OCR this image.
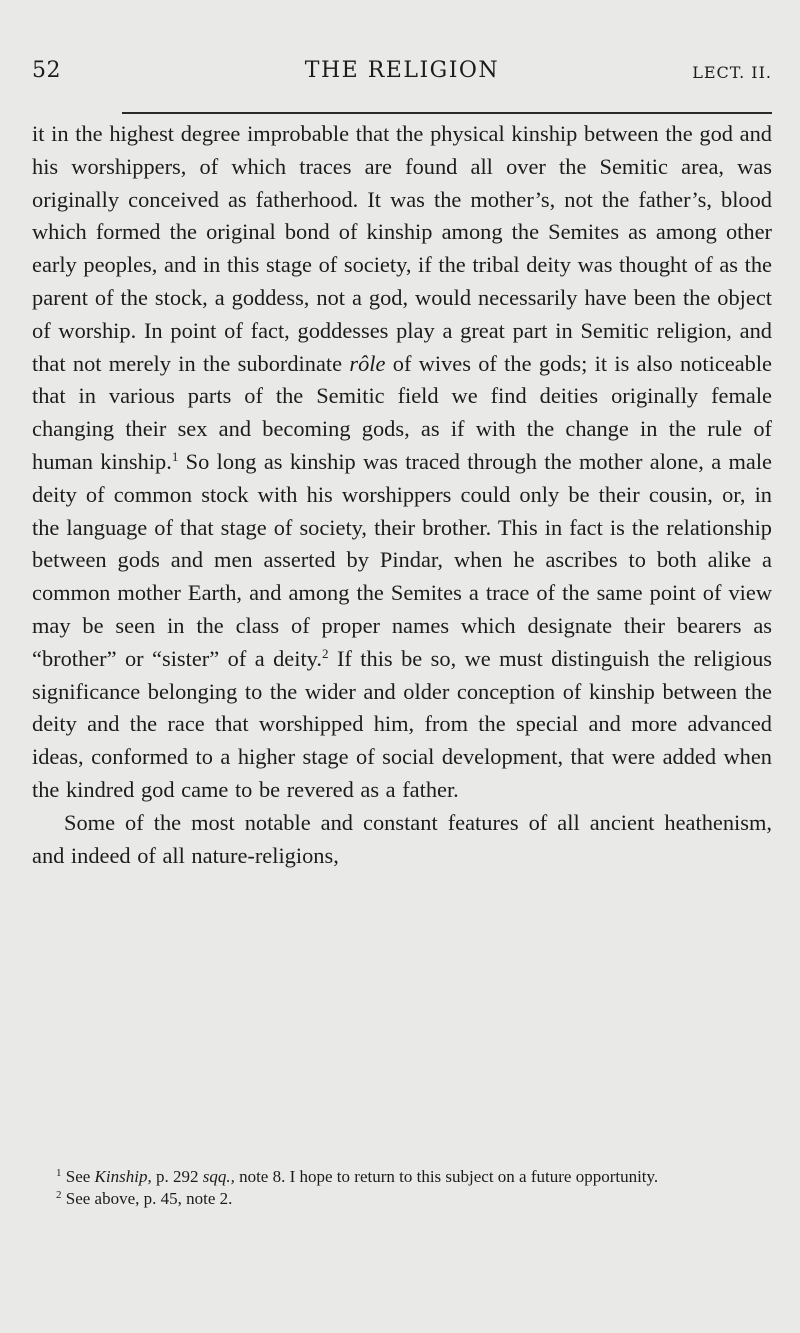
52	THE RELIGION	LECT. II.

it in the highest degree improbable that the physical kinship between the god and his worshippers, of which traces are found all over the Semitic area, was originally conceived as fatherhood. It was the mother’s, not the father’s, blood which formed the original bond of kinship among the Semites as among other early peoples, and in this stage of society, if the tribal deity was thought of as the parent of the stock, a goddess, not a god, would necessarily have been the object of worship. In point of fact, goddesses play a great part in Semitic religion, and that not merely in the subordinate rôle of wives of the gods; it is also noticeable that in various parts of the Semitic field we find deities originally female changing their sex and becoming gods, as if with the change in the rule of human kinship.$^1$ So long as kinship was traced through the mother alone, a male deity of common stock with his worshippers could only be their cousin, or, in the language of that stage of society, their brother. This in fact is the relationship between gods and men asserted by Pindar, when he ascribes to both alike a common mother Earth, and among the Semites a trace of the same point of view may be seen in the class of proper names which designate their bearers as “brother” or “sister” of a deity.$^2$ If this be so, we must distinguish the religious significance belonging to the wider and older conception of kinship between the deity and the race that worshipped him, from the special and more advanced ideas, conformed to a higher stage of social development, that were added when the kindred god came to be revered as a father.

Some of the most notable and constant features of all ancient heathenism, and indeed of all nature-religions,

$^1$ See Kinship, p. 292 sqq., note 8. I hope to return to this subject on a future opportunity.

$^2$ See above, p. 45, note 2.
